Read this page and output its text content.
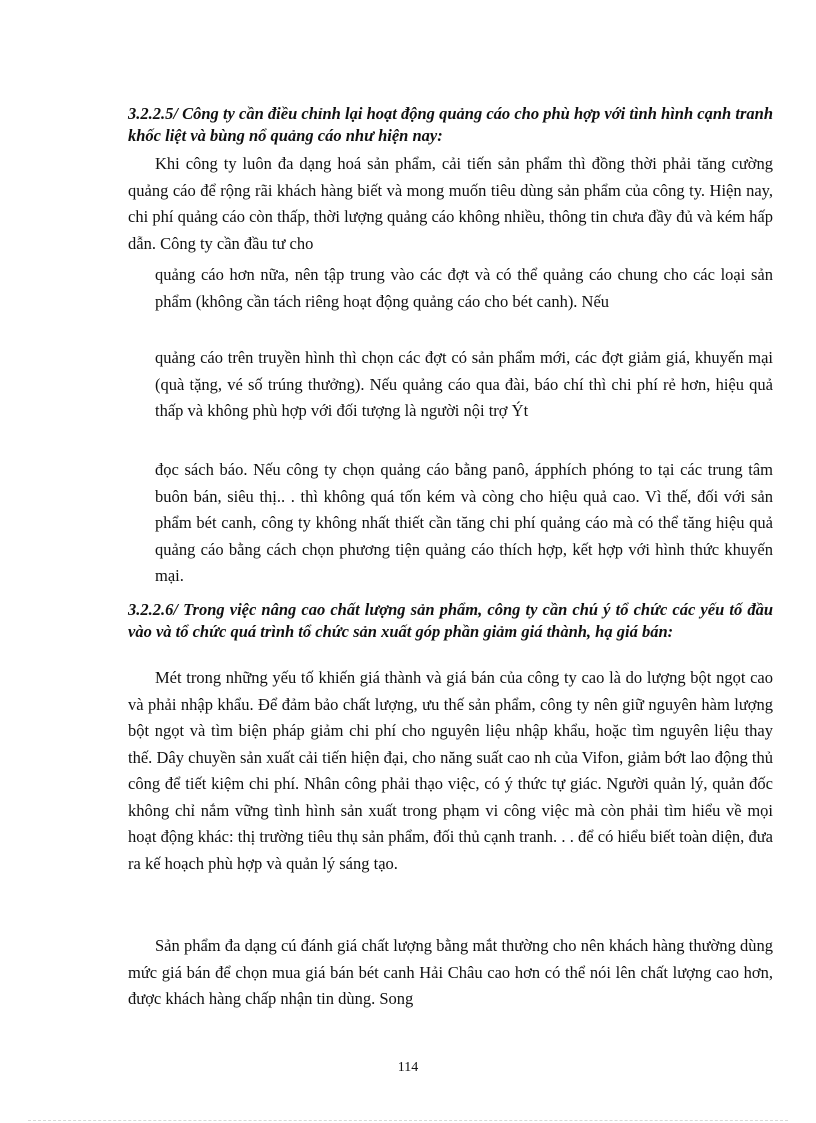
3.2.2.5/ Công ty cần điều chỉnh lại hoạt động quảng cáo cho phù hợp với tình hình cạnh tranh khốc liệt và bùng nổ quảng cáo như hiện nay:

Khi công ty luôn đa dạng hoá sản phẩm, cải tiến sản phẩm thì đồng thời phải tăng cường quảng cáo để rộng rãi khách hàng biết và mong muốn tiêu dùng sản phẩm của công ty. Hiện nay, chi phí quảng cáo còn thấp, thời lượng quảng cáo không nhiều, thông tin chưa đầy đủ và kém hấp dẫn. Công ty cần đầu tư cho

quảng cáo hơn nữa, nên tập trung vào các đợt và có thể quảng cáo chung cho các loại sản phẩm (không cần tách riêng hoạt động quảng cáo cho bét canh). Nếu

quảng cáo trên truyền hình thì chọn các đợt có sản phẩm mới, các đợt giảm giá, khuyến mại (quà tặng, vé số trúng thưởng). Nếu quảng cáo qua đài, báo chí thì chi phí rẻ hơn, hiệu quả thấp và không phù hợp với đối tượng là người nội trợ Ýt

đọc sách báo. Nếu công ty chọn quảng cáo bằng panô, ápphích phóng to tại các trung tâm buôn bán, siêu thị.. . thì không quá tốn kém và còng cho hiệu quả cao. Vì thế, đối với sản phẩm bét canh, công ty không nhất thiết cần tăng chi phí quảng cáo mà có thể tăng hiệu quả quảng cáo bằng cách chọn phương tiện quảng cáo thích hợp, kết hợp với hình thức khuyến mại.

3.2.2.6/ Trong việc nâng cao chất lượng sản phẩm, công ty cần chú ý tổ chức các yếu tố đầu vào và tổ chức quá trình tổ chức sản xuất góp phần giảm giá thành, hạ giá bán:

Mét trong những yếu tố khiến giá thành và giá bán của công ty cao là do lượng bột ngọt cao và phải nhập khẩu. Để đảm bảo chất lượng, ưu thế sản phẩm, công ty nên giữ nguyên hàm lượng bột ngọt và tìm biện pháp giảm chi phí cho nguyên liệu nhập khẩu, hoặc tìm nguyên liệu thay thế. Dây chuyền sản xuất cải tiến hiện đại, cho năng suất cao nh của Vifon, giảm bớt lao động thủ công để tiết kiệm chi phí. Nhân công phải thạo việc, có ý thức tự giác. Người quản lý, quản đốc không chỉ nắm vững tình hình sản xuất trong phạm vi công việc mà còn phải tìm hiểu về mọi hoạt động khác: thị trường tiêu thụ sản phẩm, đối thủ cạnh tranh. . . để có hiểu biết toàn diện, đưa ra kế hoạch phù hợp và quản lý sáng tạo.

Sản phẩm đa dạng cú đánh giá chất lượng bằng mắt thường cho nên khách hàng thường dùng mức giá bán để chọn mua giá bán bét canh Hải Châu cao hơn có thể nói lên chất lượng cao hơn, được khách hàng chấp nhận tin dùng. Song

114
